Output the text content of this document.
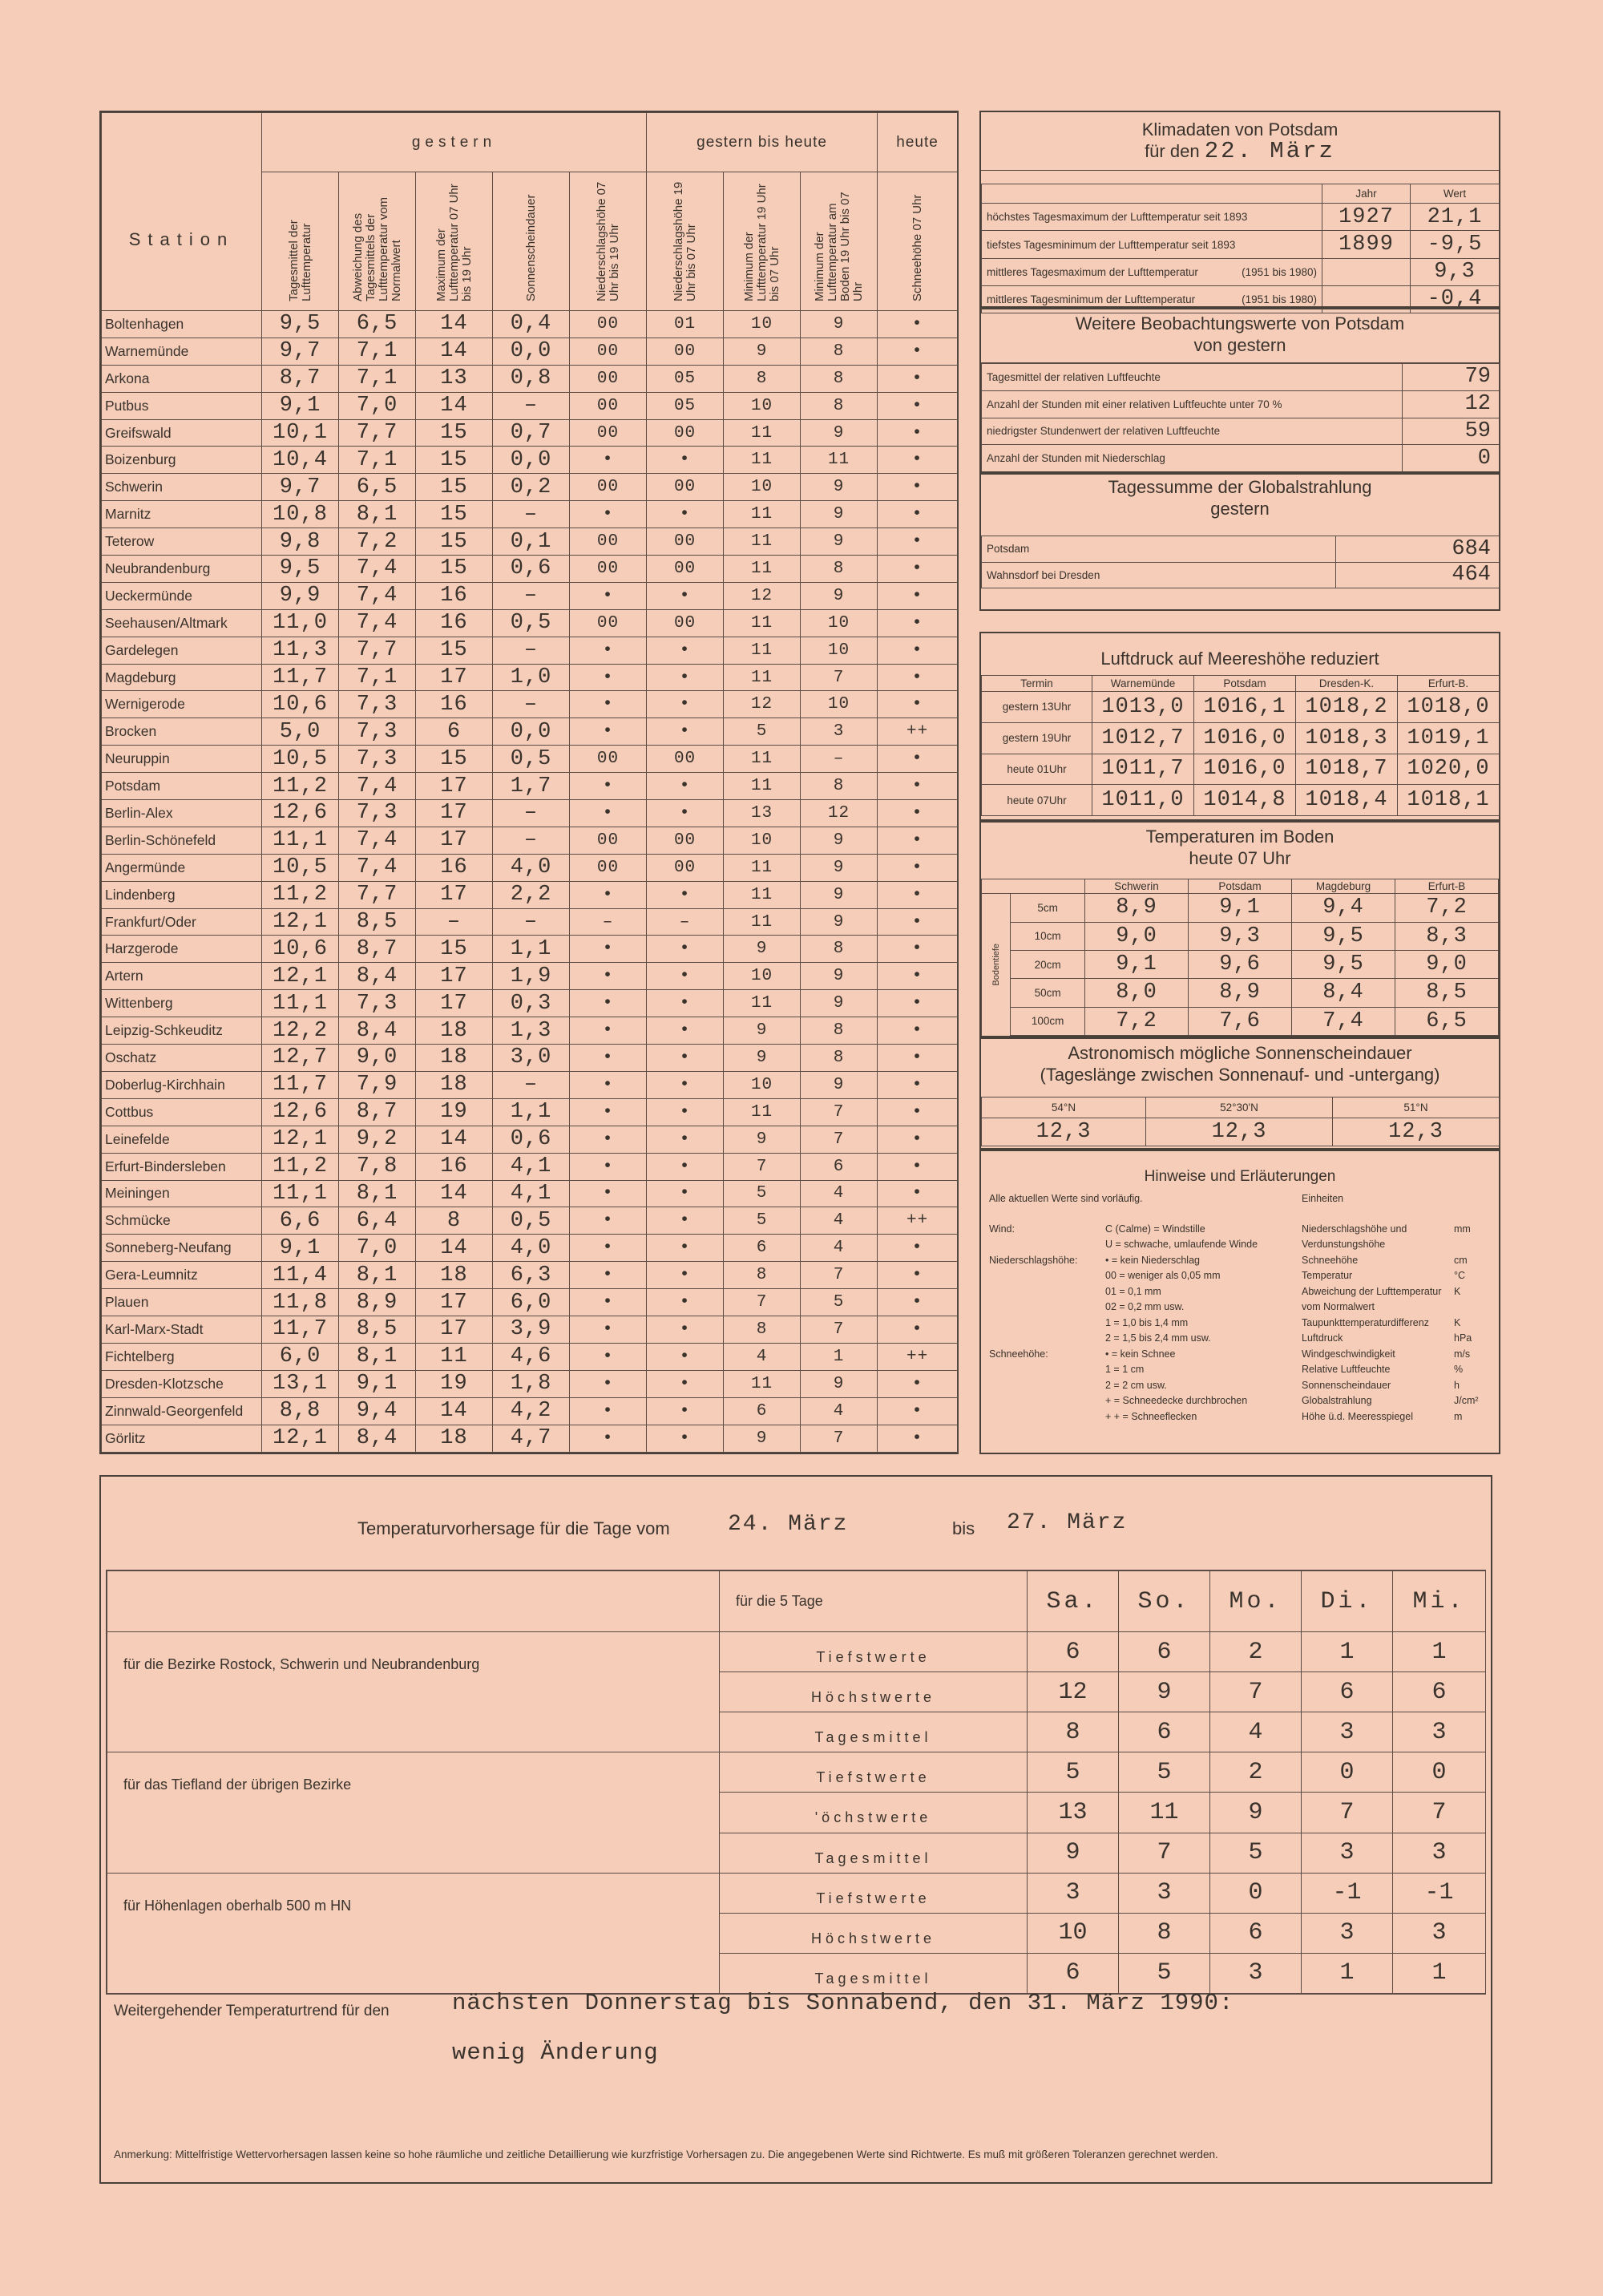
Station	gestern					gestern bis heute			heute

	Tagesmittel der Lufttemperatur	Abweichung des Tagesmittels der Lufttemperatur vom Normalwert	Maximum der Lufttemperatur 07 Uhr bis 19 Uhr	Sonnenscheindauer	Niederschlagshöhe 07 Uhr bis 19 Uhr	Niederschlagshöhe 19 Uhr bis 07 Uhr	Minimum der Lufttemperatur 19 Uhr bis 07 Uhr	Minimum der Lufttemperatur am Boden 19 Uhr bis 07 Uhr	Schneehöhe 07 Uhr

Boltenhagen	9,5	6,5	14	0,4	00	01	10	9	•
Warnemünde	9,7	7,1	14	0,0	00	00	9	8	•
Arkona	8,7	7,1	13	0,8	00	05	8	8	•
Putbus	9,1	7,0	14	–	00	05	10	8	•
Greifswald	10,1	7,7	15	0,7	00	00	11	9	•
Boizenburg	10,4	7,1	15	0,0	•	•	11	11	•
Schwerin	9,7	6,5	15	0,2	00	00	10	9	•
Marnitz	10,8	8,1	15	–	•	•	11	9	•
Teterow	9,8	7,2	15	0,1	00	00	11	9	•
Neubrandenburg	9,5	7,4	15	0,6	00	00	11	8	•
Ueckermünde	9,9	7,4	16	–	•	•	12	9	•
Seehausen/Altmark	11,0	7,4	16	0,5	00	00	11	10	•
Gardelegen	11,3	7,7	15	–	•	•	11	10	•
Magdeburg	11,7	7,1	17	1,0	•	•	11	7	•
Wernigerode	10,6	7,3	16	–	•	•	12	10	•
Brocken	5,0	7,3	6	0,0	•	•	5	3	++
Neuruppin	10,5	7,3	15	0,5	00	00	11	–	•
Potsdam	11,2	7,4	17	1,7	•	•	11	8	•
Berlin-Alex	12,6	7,3	17	–	•	•	13	12	•
Berlin-Schönefeld	11,1	7,4	17	–	00	00	10	9	•
Angermünde	10,5	7,4	16	4,0	00	00	11	9	•
Lindenberg	11,2	7,7	17	2,2	•	•	11	9	•
Frankfurt/Oder	12,1	8,5	–	–	–	–	11	9	•
Harzgerode	10,6	8,7	15	1,1	•	•	9	8	•
Artern	12,1	8,4	17	1,9	•	•	10	9	•
Wittenberg	11,1	7,3	17	0,3	•	•	11	9	•
Leipzig-Schkeuditz	12,2	8,4	18	1,3	•	•	9	8	•
Oschatz	12,7	9,0	18	3,0	•	•	9	8	•
Doberlug-Kirchhain	11,7	7,9	18	–	•	•	10	9	•
Cottbus	12,6	8,7	19	1,1	•	•	11	7	•
Leinefelde	12,1	9,2	14	0,6	•	•	9	7	•
Erfurt-Bindersleben	11,2	7,8	16	4,1	•	•	7	6	•
Meiningen	11,1	8,1	14	4,1	•	•	5	4	•
Schmücke	6,6	6,4	8	0,5	•	•	5	4	++
Sonneberg-Neufang	9,1	7,0	14	4,0	•	•	6	4	•
Gera-Leumnitz	11,4	8,1	18	6,3	•	•	8	7	•
Plauen	11,8	8,9	17	6,0	•	•	7	5	•
Karl-Marx-Stadt	11,7	8,5	17	3,9	•	•	8	7	•
Fichtelberg	6,0	8,1	11	4,6	•	•	4	1	++
Dresden-Klotzsche	13,1	9,1	19	1,8	•	•	11	9	•
Zinnwald-Georgenfeld	8,8	9,4	14	4,2	•	•	6	4	•
Görlitz	12,1	8,4	18	4,7	•	•	9	7	•
Klimadaten von Potsdam
für den 22. März
	Jahr	Wert
höchstes Tagesmaximum der Lufttemperatur seit 1893	1927	21,1
tiefstes Tagesminimum der Lufttemperatur seit 1893	1899	-9,5
mittleres Tagesmaximum der Lufttemperatur (1951 bis 1980)		9,3
mittleres Tagesminimum der Lufttemperatur (1951 bis 1980)		-0,4
Weitere Beobachtungswerte von Potsdam
von gestern
Tagesmittel der relativen Luftfeuchte	79
Anzahl der Stunden mit einer relativen Luftfeuchte unter 70 %	12
niedrigster Stundenwert der relativen Luftfeuchte	59
Anzahl der Stunden mit Niederschlag	0
Tagessumme der Globalstrahlung
gestern
Potsdam	684
Wahnsdorf bei Dresden	464
Luftdruck auf Meereshöhe reduziert
Termin	Warnemünde	Potsdam	Dresden-K.	Erfurt-B.
gestern 13Uhr	1013,0	1016,1	1018,2	1018,0
gestern 19Uhr	1012,7	1016,0	1018,3	1019,1
heute 01Uhr	1011,7	1016,0	1018,7	1020,0
heute 07Uhr	1011,0	1014,8	1018,4	1018,1
Temperaturen im Boden
heute 07 Uhr
		Schwerin	Potsdam	Magdeburg	Erfurt-B

Bodentiefe	5cm	8,9	9,1	9,4	7,2
	10cm	9,0	9,3	9,5	8,3
	20cm	9,1	9,6	9,5	9,0
	50cm	8,0	8,9	8,4	8,5
	100cm	7,2	7,6	7,4	6,5
Astronomisch mögliche Sonnenscheindauer
(Tageslänge zwischen Sonnenauf- und -untergang)
54°N	52°30'N	51°N
12,3	12,3	12,3
Hinweise und Erläuterungen
Alle aktuellen Werte sind vorläufig.
Wind:	C (Calme) = Windstille
U = schwache, umlaufende Winde
Niederschlagshöhe:	• = kein Niederschlag
00 = weniger als 0,05 mm
01 = 0,1 mm
02 = 0,2 mm usw.
1 = 1,0 bis 1,4 mm
2 = 1,5 bis 2,4 mm usw.
Schneehöhe:	• = kein Schnee
1 = 1 cm
2 = 2 cm usw.
+ = Schneedecke durchbrochen
+ + = Schneeflecken
Einheiten
Niederschlagshöhe und Verdunstungshöhe
mm
Schneehöhe	cm
Temperatur	°C
Abweichung der Lufttemperatur vom Normalwert
K
Taupunkttemperaturdifferenz	K
Luftdruck	hPa
Windgeschwindigkeit	m/s
Relative Luftfeuchte	%
Sonnenscheindauer	h
Globalstrahlung	J/cm²
Höhe ü.d. Meeresspiegel	m
Temperaturvorhersage für die Tage vom	24. März	bis 27. März
	für die 5 Tage	Sa.	So.	Mo.	Di.	Mi.
für die Bezirke Rostock, Schwerin und Neubrandenburg	Tiefstwerte	6	6	2	1	1
	Höchstwerte	12	9	7	6	6
	Tagesmittel	8	6	4	3	3
für das Tiefland der übrigen Bezirke	Tiefstwerte	5	5	2	0	0
	'öchstwerte	13	11	9	7	7
	Tagesmittel	9	7	5	3	3
für Höhenlagen oberhalb 500 m HN	Tiefstwerte	3	3	0	-1	-1
	Höchstwerte	10	8	6	3	3
	Tagesmittel	6	5	3	1	1
Weitergehender Temperaturtrend für den	nächsten Donnerstag bis Sonnabend, den 31. März 1990:
wenig Änderung
Anmerkung: Mittelfristige Wettervorhersagen lassen keine so hohe räumliche und zeitliche Detaillierung wie kurzfristige Vorhersagen zu. Die angegebenen Werte sind Richtwerte. Es muß mit größeren Toleranzen gerechnet werden.
